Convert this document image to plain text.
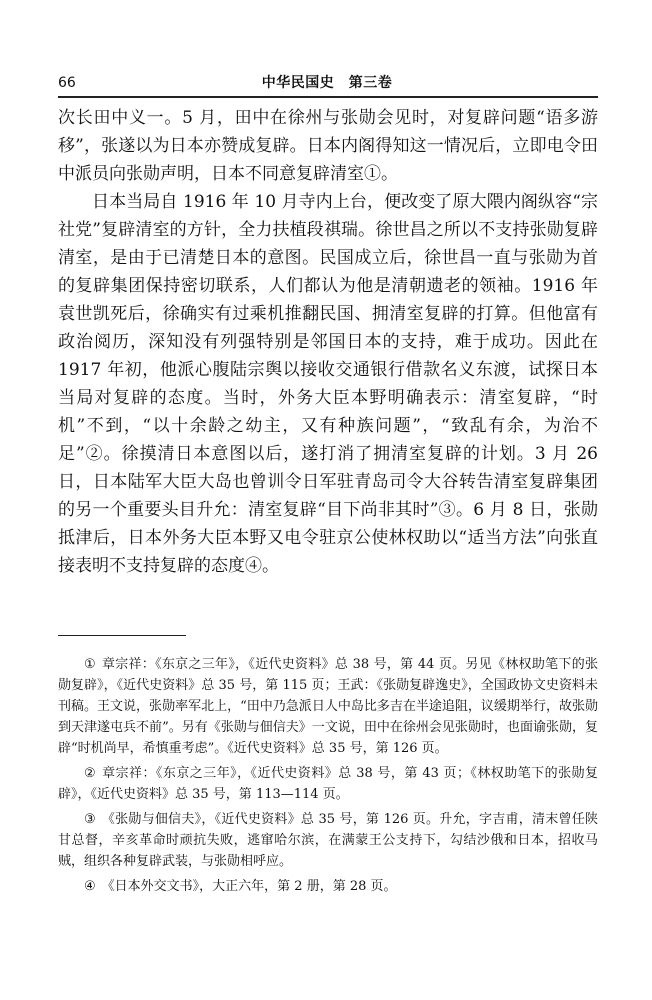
66	中华民国史　第三卷

次长田中义一。5 月，田中在徐州与张勋会见时，对复辟问题“语多游移”，张遂以为日本亦赞成复辟。日本内阁得知这一情况后，立即电令田中派员向张勋声明，日本不同意复辟清室①。

日本当局自 1916 年 10 月寺内上台，便改变了原大隈内阁纵容“宗社党”复辟清室的方针，全力扶植段祺瑞。徐世昌之所以不支持张勋复辟清室，是由于已清楚日本的意图。民国成立后，徐世昌一直与张勋为首的复辟集团保持密切联系，人们都认为他是清朝遗老的领袖。1916 年袁世凯死后，徐确实有过乘机推翻民国、拥清室复辟的打算。但他富有政治阅历，深知没有列强特别是邻国日本的支持，难于成功。因此在 1917 年初，他派心腹陆宗舆以接收交通银行借款名义东渡，试探日本当局对复辟的态度。当时，外务大臣本野明确表示：清室复辟，“时机”不到，“以十余龄之幼主，又有种族问题”，“致乱有余，为治不足”②。徐摸清日本意图以后，遂打消了拥清室复辟的计划。3 月 26 日，日本陆军大臣大岛也曾训令日军驻青岛司令大谷转告清室复辟集团的另一个重要头目升允：清室复辟“目下尚非其时”③。6 月 8 日，张勋抵津后，日本外务大臣本野又电令驻京公使林权助以“适当方法”向张直接表明不支持复辟的态度④。

① 章宗祥：《东京之三年》，《近代史资料》总 38 号，第 44 页。另见《林权助笔下的张勋复辟》，《近代史资料》总 35 号，第 115 页；王武：《张勋复辟逸史》，全国政协文史资料未刊稿。王文说，张勋率军北上，“田中乃急派日人中岛比多吉在半途追阻，议缓期举行，故张勋到天津遂屯兵不前”。另有《张勋与佃信夫》一文说，田中在徐州会见张勋时，也面谕张勋，复辟“时机尚早，希慎重考虑”。《近代史资料》总 35 号，第 126 页。

② 章宗祥：《东京之三年》，《近代史资料》总 38 号，第 43 页；《林权助笔下的张勋复辟》，《近代史资料》总 35 号，第 113—114 页。

③ 《张勋与佃信夫》，《近代史资料》总 35 号，第 126 页。升允，字吉甫，清末曾任陕甘总督，辛亥革命时顽抗失败，逃窜哈尔滨，在满蒙王公支持下，勾结沙俄和日本，招收马贼，组织各种复辟武装，与张勋相呼应。

④ 《日本外交文书》，大正六年，第 2 册，第 28 页。
